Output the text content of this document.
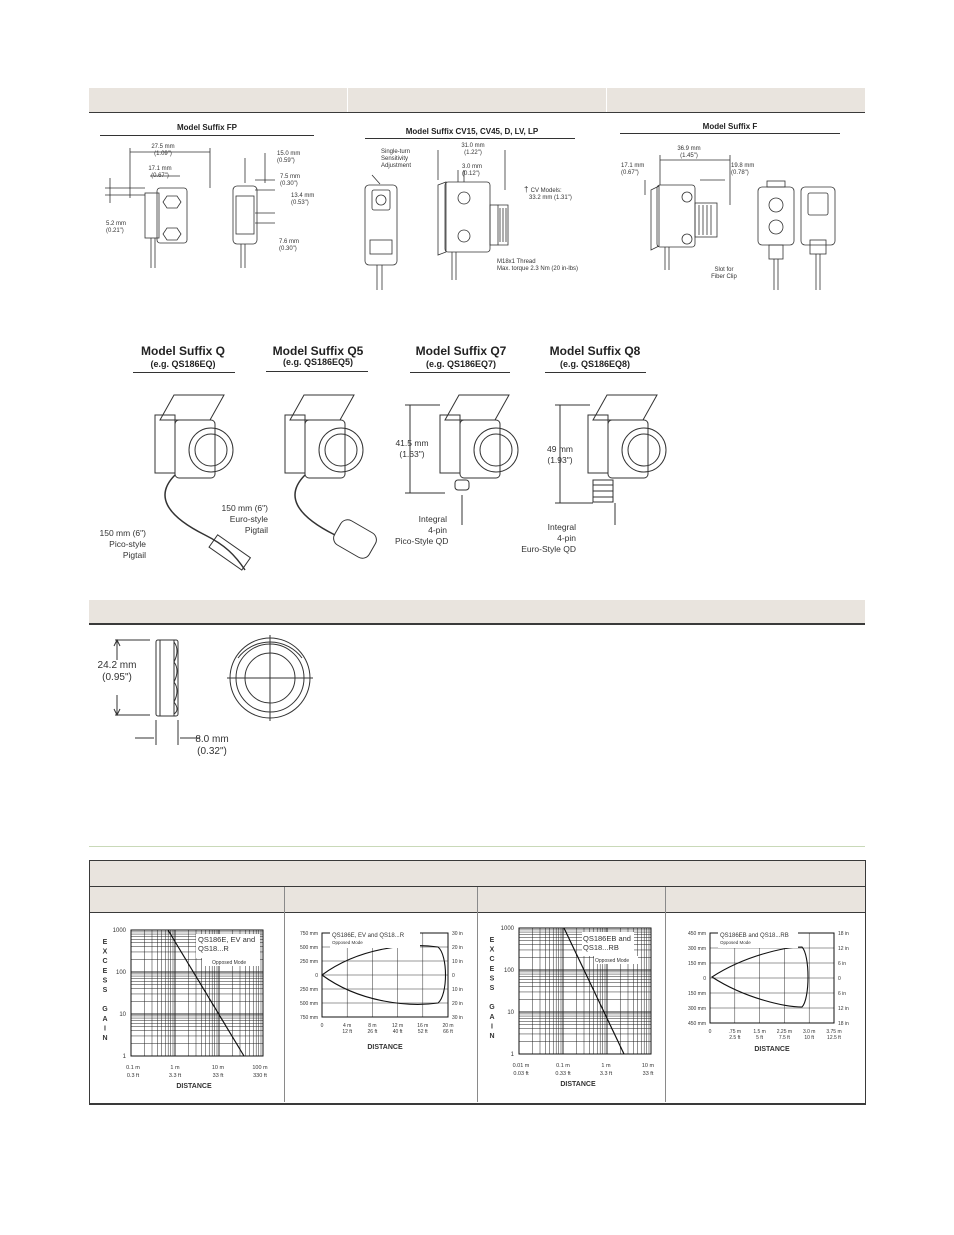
Model Suffix FP
27.5 mm
(1.09")
17.1 mm
(0.67")
5.2 mm
(0.21")
15.0 mm
(0.59")
7.5 mm
(0.30")
13.4 mm
(0.53")
7.6 mm
(0.30")
Model Suffix CV15, CV45, D, LV, LP
Single-turn
Sensitivity
Adjustment
31.0 mm
(1.22")
3.0 mm
(0.12")
† CV Models:
33.2 mm (1.31")
M18x1 Thread
Max. torque 2.3 Nm (20 in-lbs)
Model Suffix F
36.9 mm
(1.45")
17.1 mm
(0.67")
19.8 mm
(0.78")
Slot for
Fiber Clip
Model Suffix Q
(e.g. QS186EQ)
Model Suffix Q5
(e.g. QS186EQ5)
Model Suffix Q7
(e.g. QS186EQ7)
Model Suffix Q8
(e.g. QS186EQ8)
150 mm (6")
Pico-style
Pigtail
150 mm (6")
Euro-style
Pigtail
41.5 mm
(1.63")
Integral
4-pin
Pico-Style QD
49 mm
(1.93")
Integral
4-pin
Euro-Style QD
24.2 mm
(0.95")
8.0 mm
(0.32")
QS186E, EV and
QS18...R
Opposed Mode
1000
100
10
1
0.1 m
0.3 ft
1 m
3.3 ft
10 m
33 ft
100 m
330 ft
DISTANCE
E
X
C
E
S
S
G
A
I
N
QS186E, EV and QS18...R
Opposed Mode
750 mm
500 mm
250 mm
0
250 mm
500 mm
750 mm
30 in
20 in
10 in
0
10 in
20 in
30 in
0	4 m	8 m	12 m	16 m	20 m
12 ft	26 ft	40 ft	52 ft	66 ft
DISTANCE
QS186EB and
QS18...RB
Opposed Mode
1000
100
10
1
0.01 m
0.03 ft
0.1 m
0.33 ft
1 m
3.3 ft
10 m
33 ft
DISTANCE
E
X
C
E
S
S
G
A
I
N
QS186EB and QS18...RB
Opposed Mode
450 mm
300 mm
150 mm
0
150 mm
300 mm
450 mm
18 in
12 in
6 in
0
6 in
12 in
18 in
0	.75 m 1.5 m 2.25 m 3.0 m 3.75 m
2.5 ft	5 ft	7.5 ft	10 ft	12.5 ft
DISTANCE
